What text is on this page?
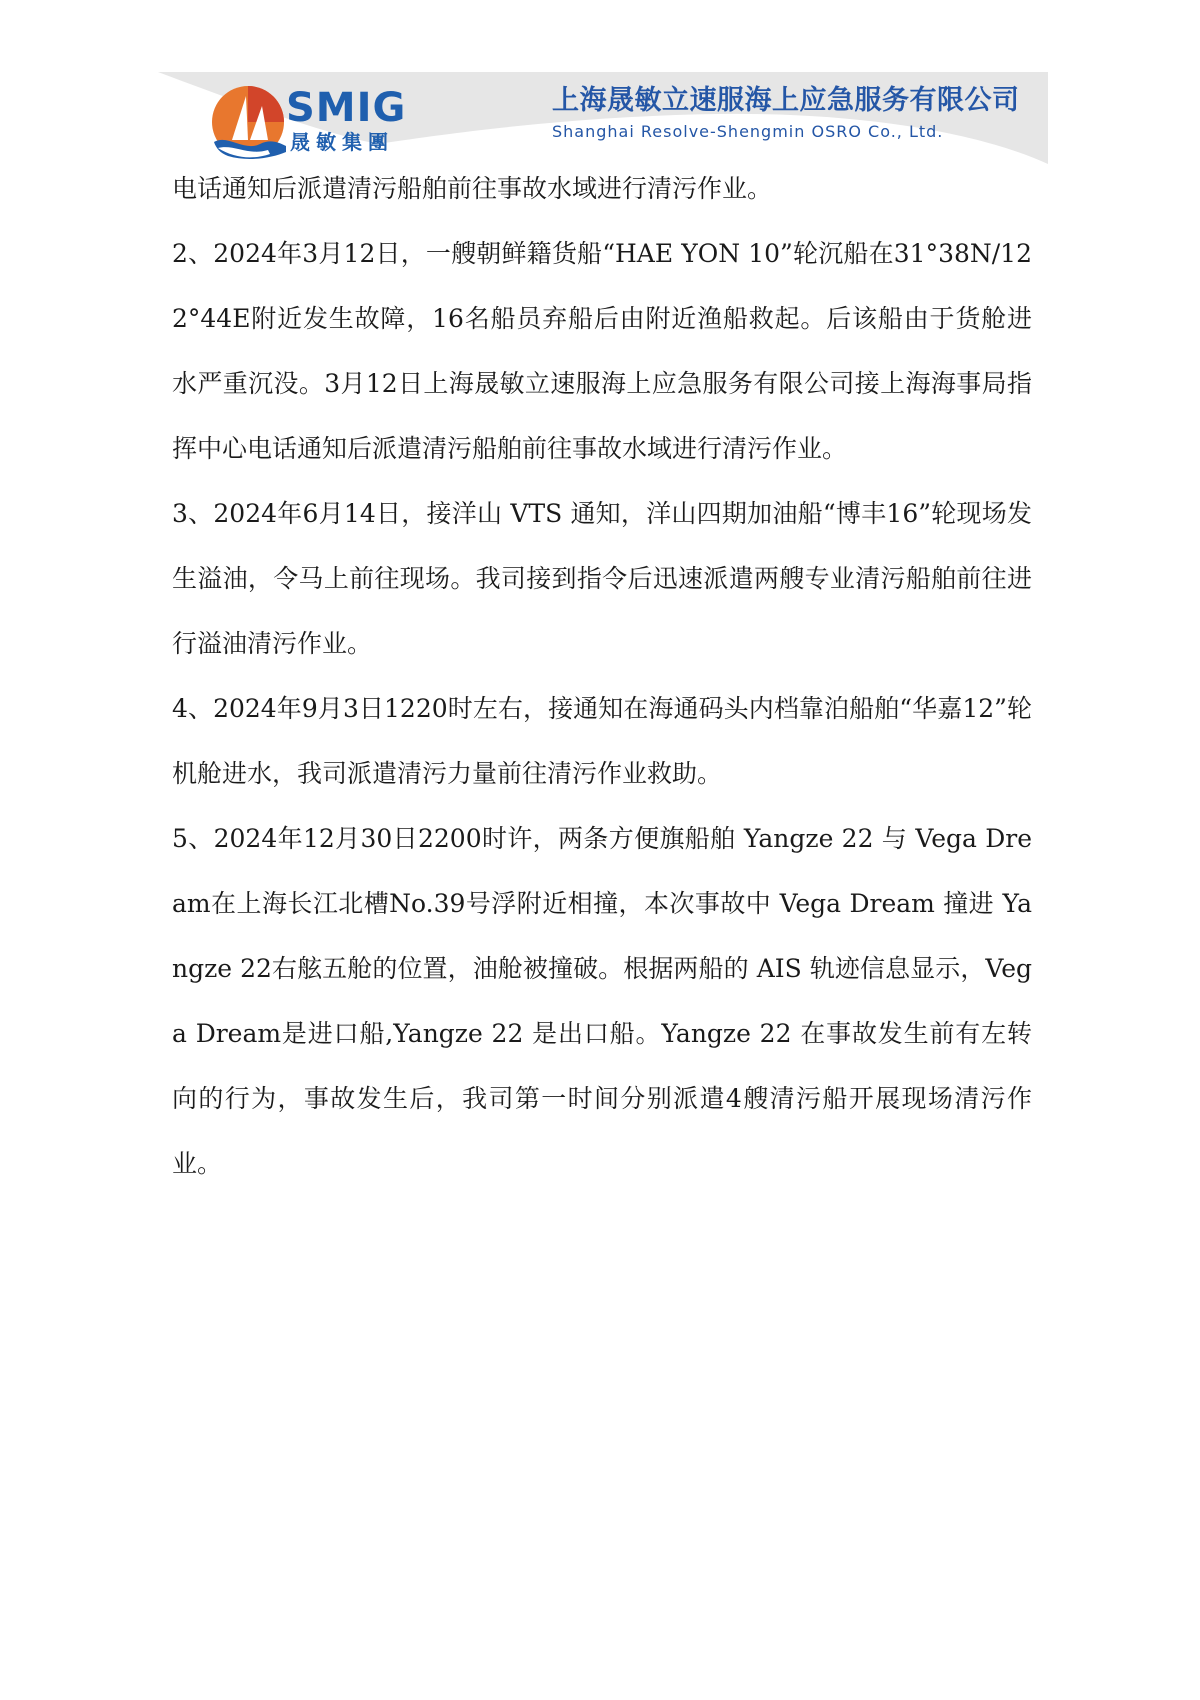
SMIG
晟敏集團
上海晟敏立速服海上应急服务有限公司
Shanghai Resolve-Shengmin OSRO Co., Ltd.

电话通知后派遣清污船舶前往事故水域进行清污作业。

2、2024年3月12日，一艘朝鲜籍货船“HAE YON 10”轮沉船在31°38N/122°44E附近发生故障，16名船员弃船后由附近渔船救起。后该船由于货舱进水严重沉没。3月12日上海晟敏立速服海上应急服务有限公司接上海海事局指挥中心电话通知后派遣清污船舶前往事故水域进行清污作业。

3、2024年6月14日，接洋山 VTS 通知，洋山四期加油船“博丰16”轮现场发生溢油，令马上前往现场。我司接到指令后迅速派遣两艘专业清污船舶前往进行溢油清污作业。

4、2024年9月3日1220时左右，接通知在海通码头内档靠泊船舶“华嘉12”轮机舱进水，我司派遣清污力量前往清污作业救助。

5、2024年12月30日2200时许，两条方便旗船舶 Yangze 22 与 Vega Dream在上海长江北槽No.39号浮附近相撞，本次事故中 Vega Dream 撞进 Yangze 22右舷五舱的位置，油舱被撞破。根据两船的 AIS 轨迹信息显示，Vega Dream是进口船,Yangze 22 是出口船。Yangze 22 在事故发生前有左转向的行为，事故发生后，我司第一时间分别派遣4艘清污船开展现场清污作业。
